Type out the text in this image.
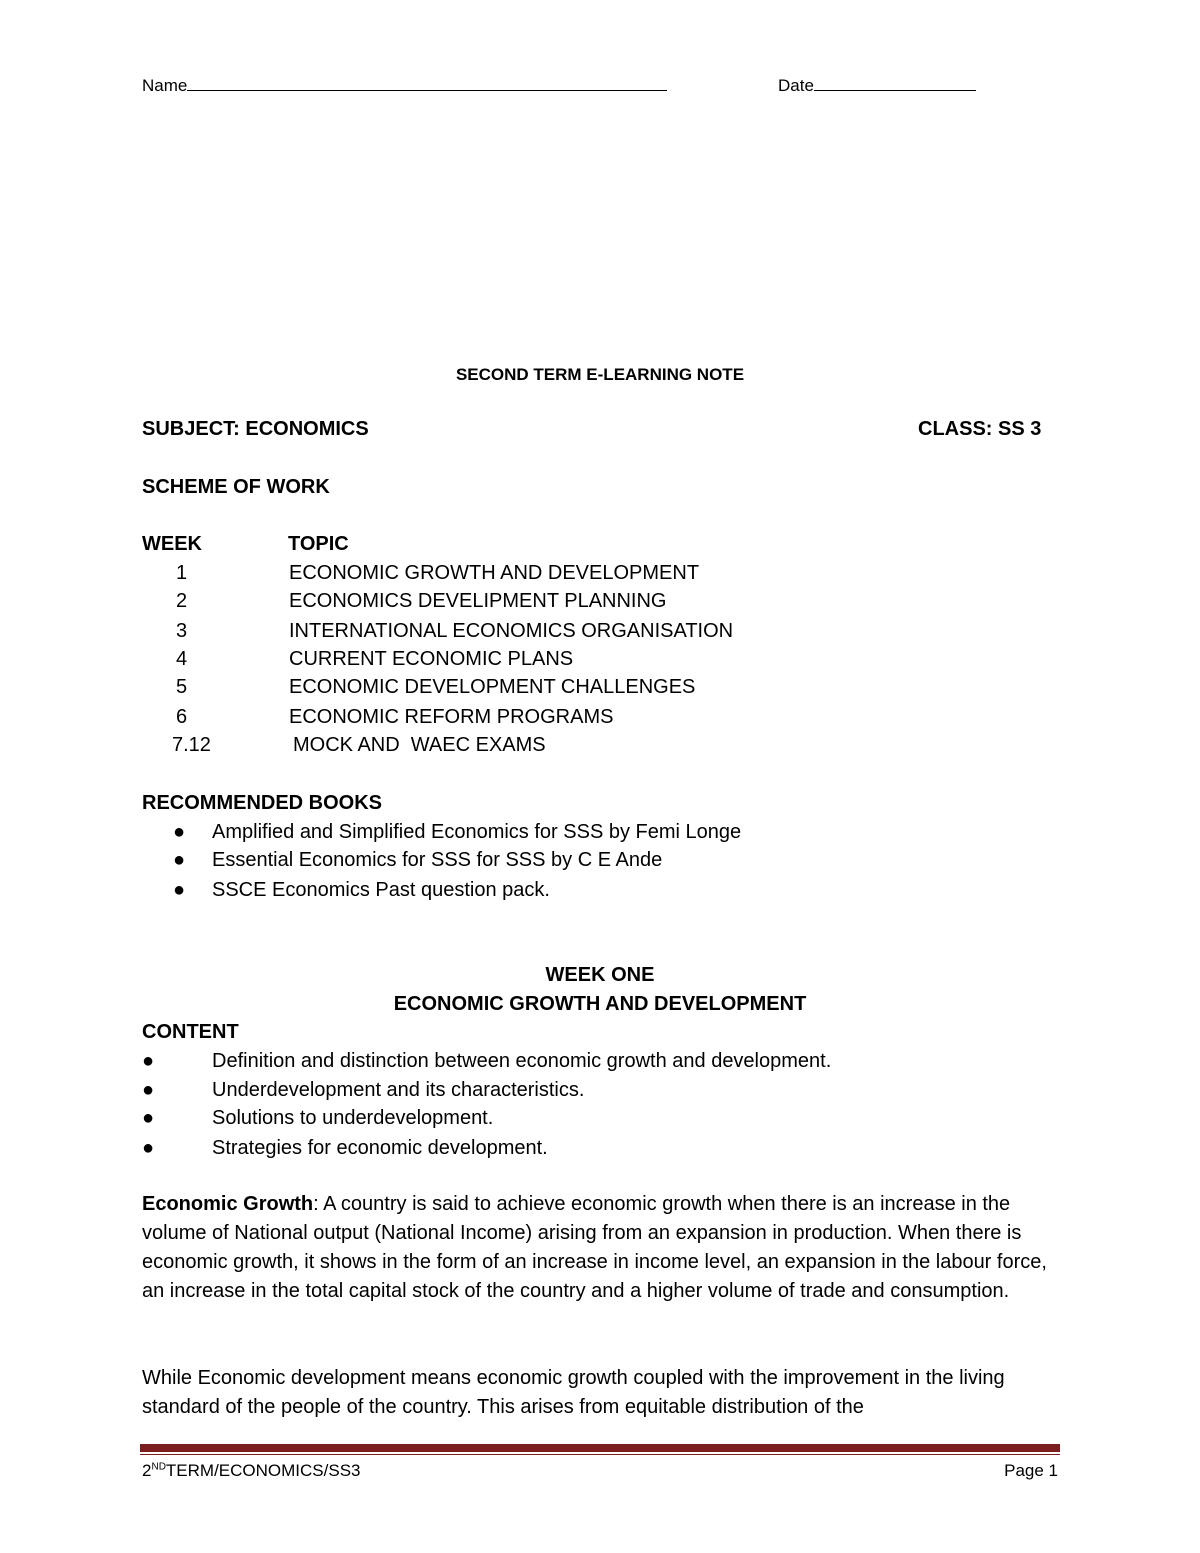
Name	Date
SECOND TERM E-LEARNING NOTE
SUBJECT: ECONOMICS	CLASS: SS 3
SCHEME OF WORK
WEEK	TOPIC
1	ECONOMIC GROWTH AND DEVELOPMENT
2	ECONOMICS DEVELIPMENT PLANNING
3	INTERNATIONAL ECONOMICS ORGANISATION
4	CURRENT ECONOMIC PLANS
5	ECONOMIC DEVELOPMENT CHALLENGES
6	ECONOMIC REFORM PROGRAMS
7.12	MOCK AND  WAEC EXAMS
RECOMMENDED BOOKS
● Amplified and Simplified Economics for SSS by Femi Longe
● Essential Economics for SSS for SSS by C E Ande
● SSCE Economics Past question pack.
WEEK ONE
ECONOMIC GROWTH AND DEVELOPMENT
CONTENT
●	Definition and distinction between economic growth and development.
●	Underdevelopment and its characteristics.
●	Solutions to underdevelopment.
●	Strategies for economic development.
Economic Growth: A country is said to achieve economic growth when there is an increase in the volume of National output (National Income) arising from an expansion in production. When there is economic growth, it shows in the form of an increase in income level, an expansion in the labour force, an increase in the total capital stock of the country and a higher volume of trade and consumption.
While Economic development means economic growth coupled with the improvement in the living standard of the people of the country. This arises from equitable distribution of the
2NDTERM/ECONOMICS/SS3	Page 1
